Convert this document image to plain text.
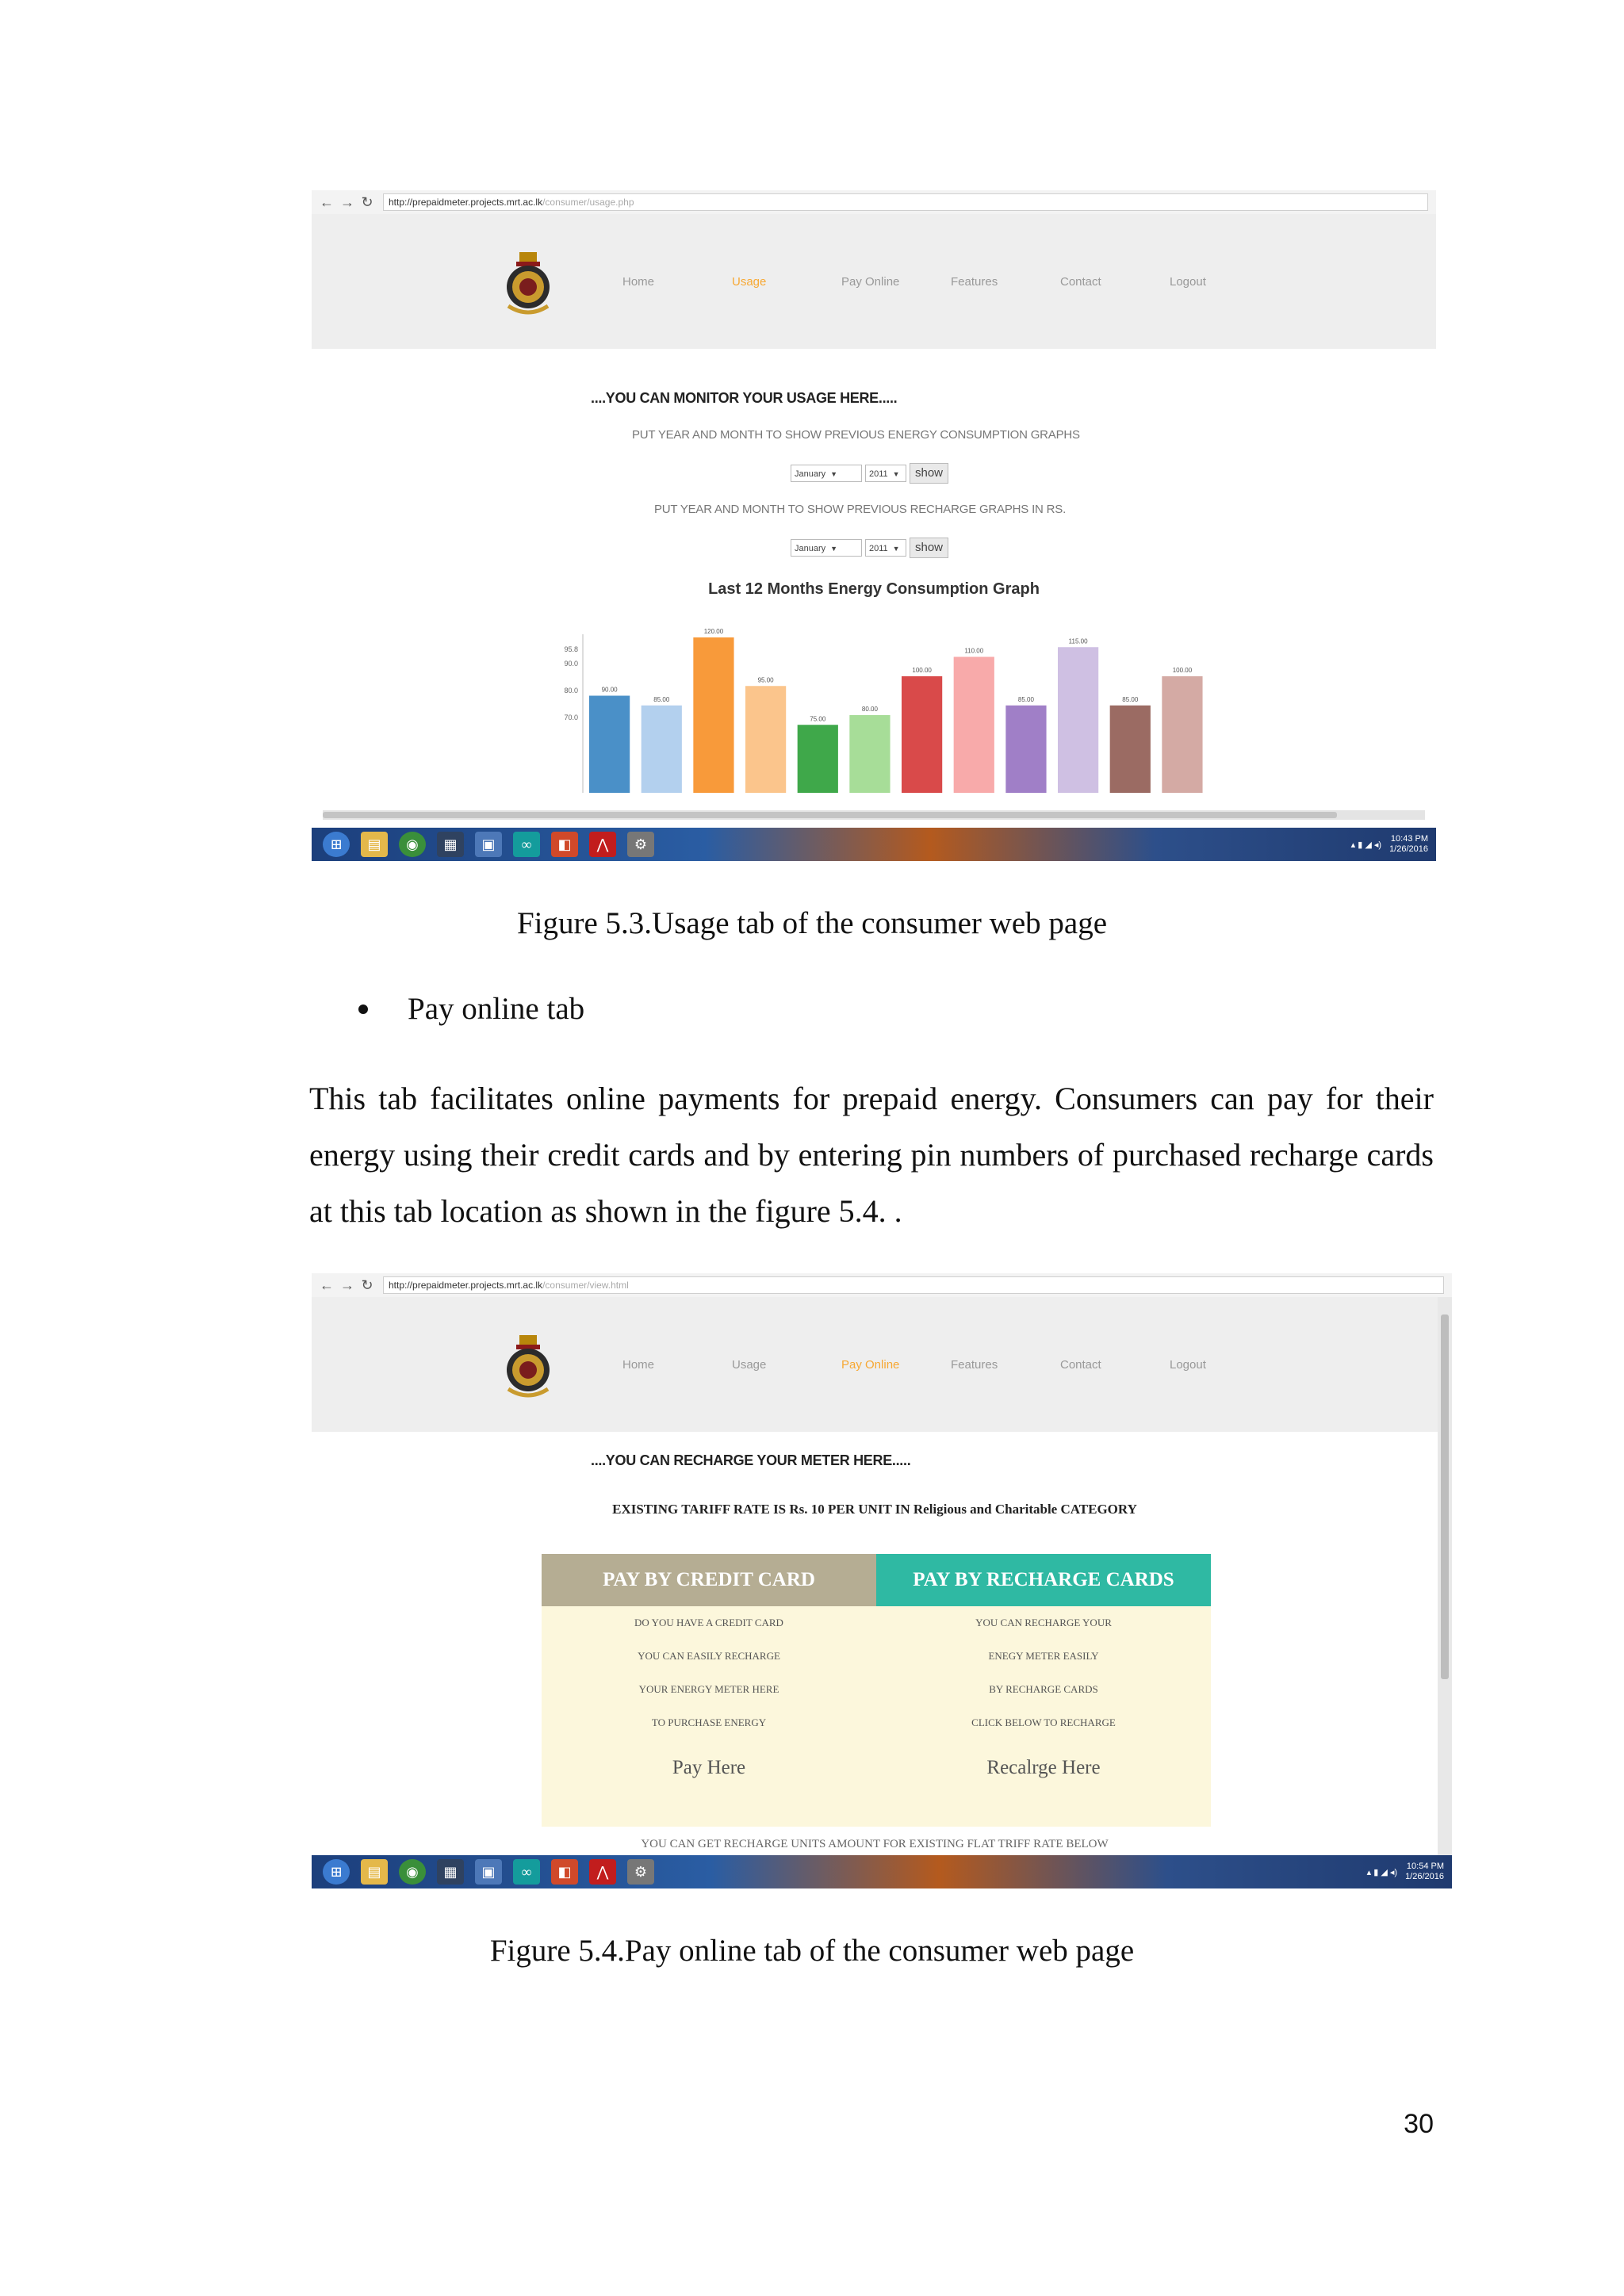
← → ↻	http://prepaidmeter.projects.mrt.ac.lk/consumer/usage.php
Home	Usage	Pay Online	Features	Contact	Logout
....YOU CAN MONITOR YOUR USAGE HERE.....
PUT YEAR AND MONTH TO SHOW PREVIOUS ENERGY CONSUMPTION GRAPHS
January ▼	2011 ▼	show
PUT YEAR AND MONTH TO SHOW PREVIOUS RECHARGE GRAPHS IN RS.
January ▼	2011 ▼	show
Last 12 Months Energy Consumption Graph
95.8
90.0
80.0
70.0
90.00
85.00
120.00
95.00
75.00
80.00
100.00
110.00
85.00
115.00
85.00
100.00
⊞	▤	◉	▦	▣	∞	◧	⋀	⚙	▴ ▮ ◢ ◂)
10:43 PM
1/26/2016
Figure 5.3.Usage tab of the consumer web page
Pay online tab
This tab facilitates online payments for prepaid energy. Consumers can pay for their energy using their credit cards and by entering pin numbers of purchased recharge cards at this tab location as shown in the figure 5.4. .
← → ↻	http://prepaidmeter.projects.mrt.ac.lk/consumer/view.html
Home	Usage	Pay Online	Features	Contact	Logout
....YOU CAN RECHARGE YOUR METER HERE.....
EXISTING TARIFF RATE IS Rs. 10 PER UNIT IN Religious and Charitable CATEGORY
PAY BY CREDIT CARD
DO YOU HAVE A CREDIT CARD
YOU CAN EASILY RECHARGE
YOUR ENERGY METER HERE
TO PURCHASE ENERGY
Pay Here
PAY BY RECHARGE CARDS
YOU CAN RECHARGE YOUR
ENEGY METER EASILY
BY RECHARGE CARDS
CLICK BELOW TO RECHARGE
Recalrge Here
YOU CAN GET RECHARGE UNITS AMOUNT FOR EXISTING FLAT TRIFF RATE BELOW
⊞	▤	◉	▦	▣	∞	◧	⋀	⚙	▴ ▮ ◢ ◂)
10:54 PM
1/26/2016
Figure 5.4.Pay online tab of the consumer web page
30
